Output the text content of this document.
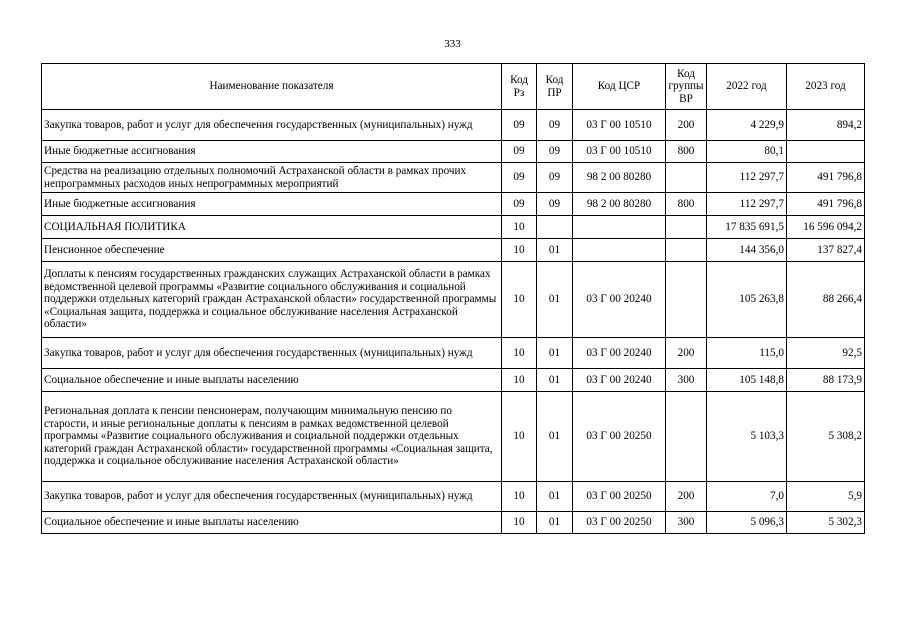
333
Наименование показателя	Код Рз	Код ПР	Код ЦСР	Код группы ВР	2022 год	2023 год
Закупка товаров, работ и услуг для обеспечения государственных (муниципальных) нужд	09	09	03 Г 00 10510	200	4 229,9	894,2
Иные бюджетные ассигнования	09	09	03 Г 00 10510	800	80,1	
Средства на реализацию отдельных полномочий Астраханской области в рамках прочих непрограммных расходов иных непрограммных мероприятий	09	09	98 2 00 80280		112 297,7	491 796,8
Иные бюджетные ассигнования	09	09	98 2 00 80280	800	112 297,7	491 796,8
СОЦИАЛЬНАЯ ПОЛИТИКА	10				17 835 691,5	16 596 094,2
Пенсионное обеспечение	10	01			144 356,0	137 827,4
Доплаты к пенсиям государственных гражданских служащих Астраханской области в рамках ведомственной целевой программы «Развитие социального обслуживания и социальной поддержки отдельных категорий граждан Астраханской области» государственной программы «Социальная защита, поддержка и социальное обслуживание населения Астраханской области»	10	01	03 Г 00 20240		105 263,8	88 266,4
Закупка товаров, работ и услуг для обеспечения государственных (муниципальных) нужд	10	01	03 Г 00 20240	200	115,0	92,5
Социальное обеспечение и иные выплаты населению	10	01	03 Г 00 20240	300	105 148,8	88 173,9
Региональная доплата к пенсии пенсионерам, получающим минимальную пенсию по старости, и иные региональные доплаты к пенсиям в рамках ведомственной целевой программы «Развитие социального обслуживания и социальной поддержки отдельных категорий граждан Астраханской области» государственной программы «Социальная защита, поддержка и социальное обслуживание населения Астраханской области»	10	01	03 Г 00 20250		5 103,3	5 308,2
Закупка товаров, работ и услуг для обеспечения государственных (муниципальных) нужд	10	01	03 Г 00 20250	200	7,0	5,9
Социальное обеспечение и иные выплаты населению	10	01	03 Г 00 20250	300	5 096,3	5 302,3
